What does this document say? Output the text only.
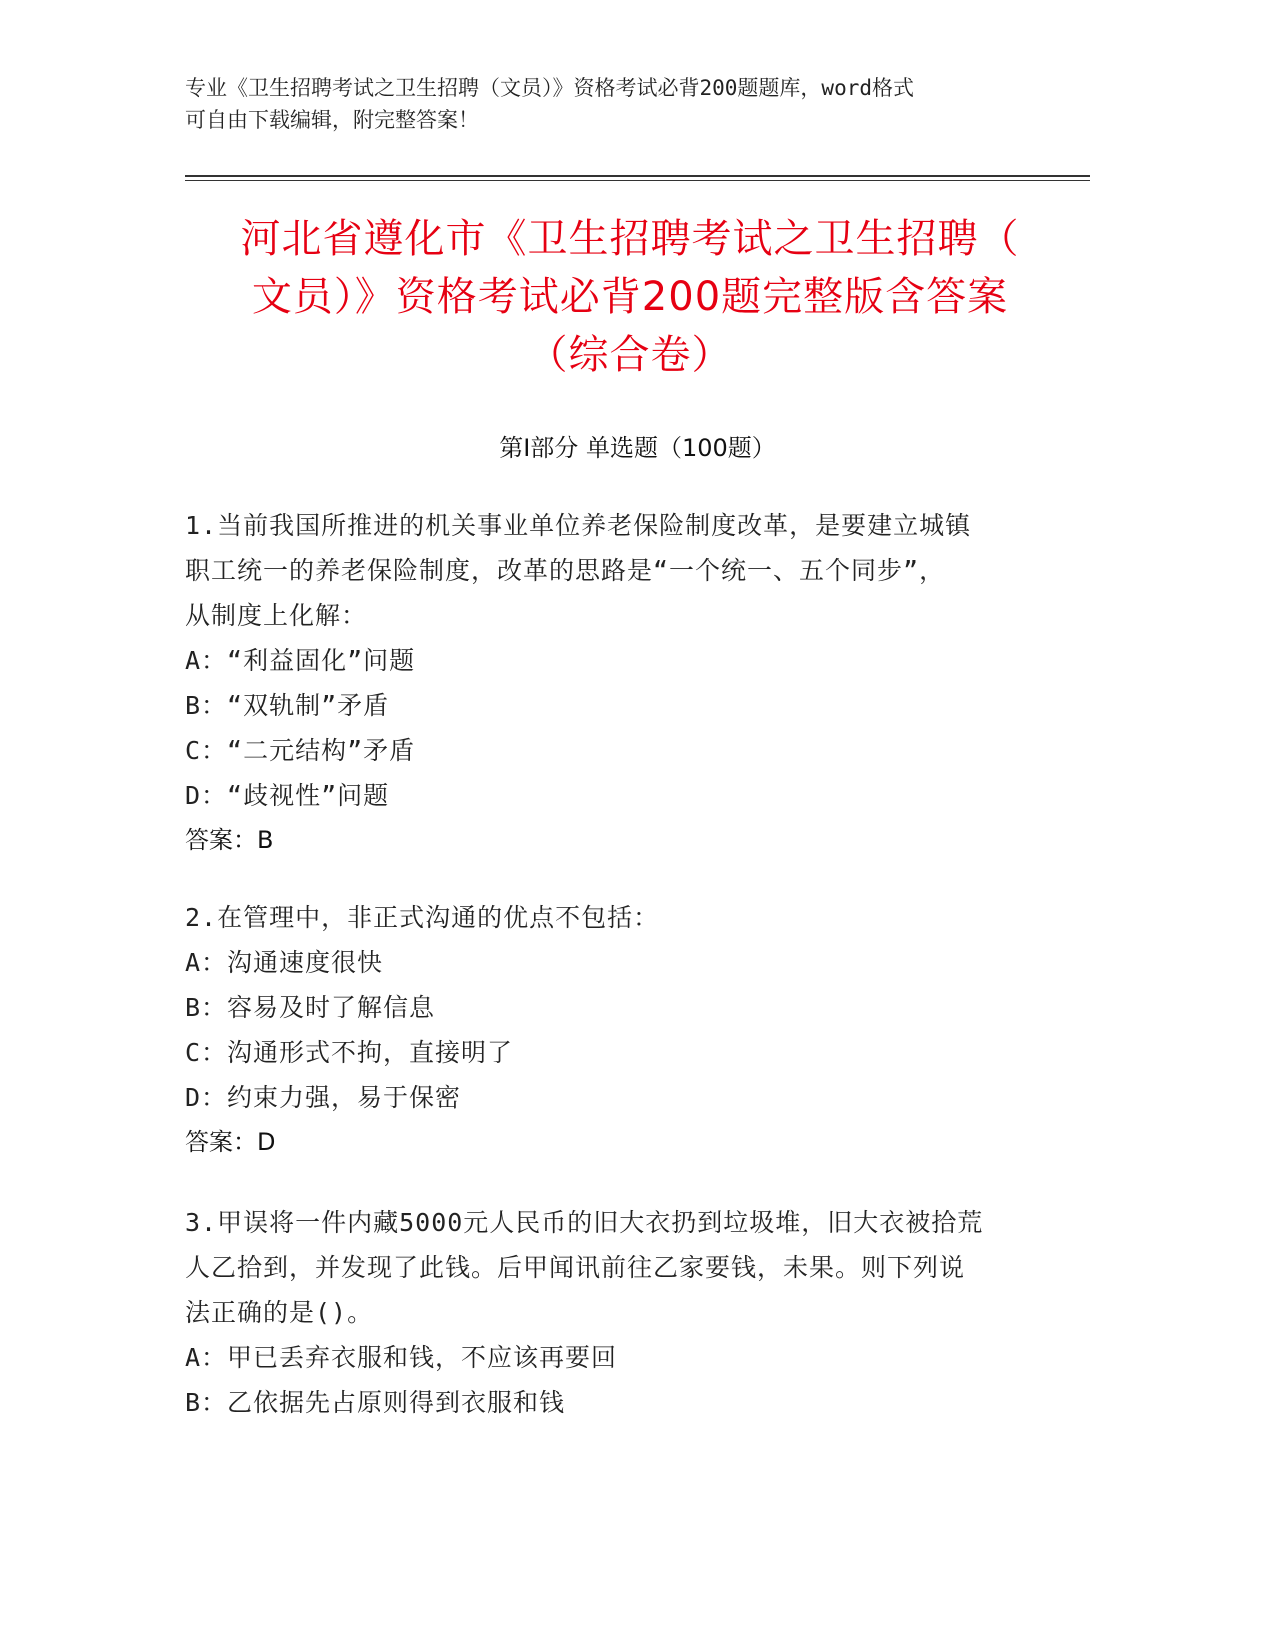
专业《卫生招聘考试之卫生招聘（文员）》资格考试必背200题题库，word格式
可自由下载编辑，附完整答案！
河北省遵化市《卫生招聘考试之卫生招聘（
文员）》资格考试必背200题完整版含答案
（综合卷）
第Ⅰ部分 单选题（100题）
1.当前我国所推进的机关事业单位养老保险制度改革，是要建立城镇
职工统一的养老保险制度，改革的思路是“一个统一、五个同步”，
从制度上化解：
A：“利益固化”问题
B：“双轨制”矛盾
C：“二元结构”矛盾
D：“歧视性”问题
答案：B
2.在管理中，非正式沟通的优点不包括：
A：沟通速度很快
B：容易及时了解信息
C：沟通形式不拘，直接明了
D：约束力强，易于保密
答案：D
3.甲误将一件内藏5000元人民币的旧大衣扔到垃圾堆，旧大衣被拾荒
人乙拾到，并发现了此钱。后甲闻讯前往乙家要钱，未果。则下列说
法正确的是()。
A：甲已丢弃衣服和钱，不应该再要回
B：乙依据先占原则得到衣服和钱
